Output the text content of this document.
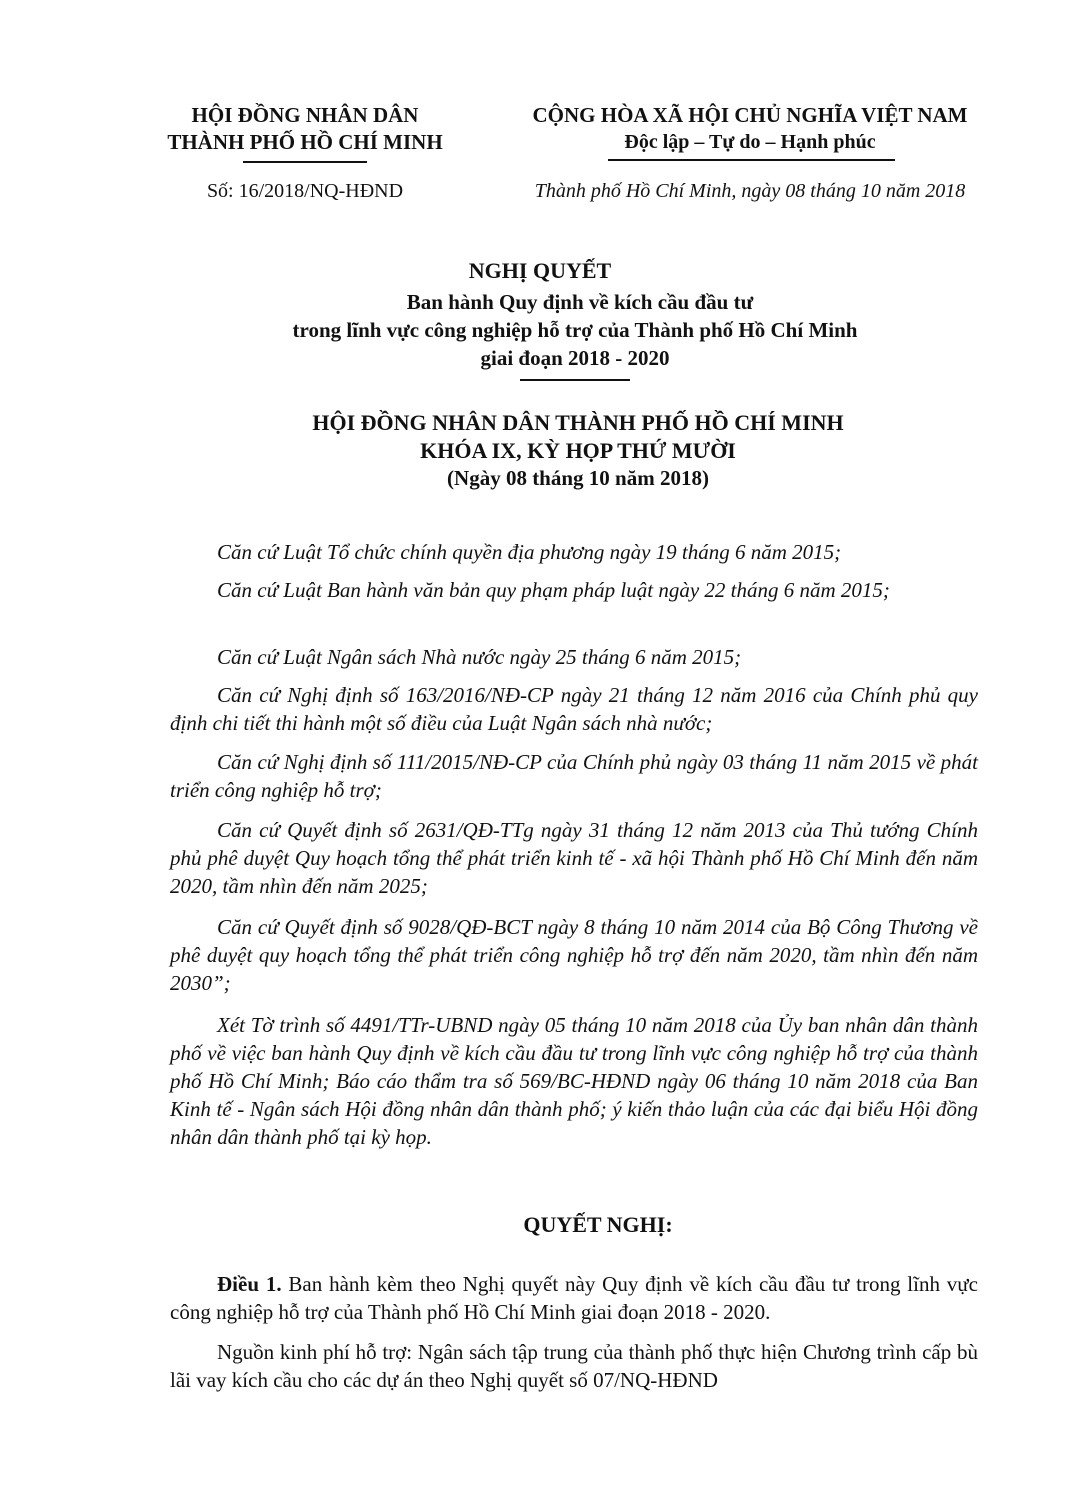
HỘI ĐỒNG NHÂN DÂN
THÀNH PHỐ HỒ CHÍ MINH
Số: 16/2018/NQ-HĐND
CỘNG HÒA XÃ HỘI CHỦ NGHĨA VIỆT NAM
Độc lập – Tự do – Hạnh phúc
Thành phố Hồ Chí Minh, ngày 08 tháng 10 năm 2018
NGHỊ QUYẾT
Ban hành Quy định về kích cầu đầu tư
trong lĩnh vực công nghiệp hỗ trợ của Thành phố Hồ Chí Minh
giai đoạn 2018 - 2020
HỘI ĐỒNG NHÂN DÂN THÀNH PHỐ HỒ CHÍ MINH
KHÓA IX, KỲ HỌP THỨ MƯỜI
(Ngày 08 tháng 10 năm 2018)
Căn cứ Luật Tổ chức chính quyền địa phương ngày 19 tháng 6 năm 2015;
Căn cứ Luật Ban hành văn bản quy phạm pháp luật ngày 22 tháng 6 năm 2015;
Căn cứ Luật Ngân sách Nhà nước ngày 25 tháng 6 năm 2015;
Căn cứ Nghị định số 163/2016/NĐ-CP ngày 21 tháng 12 năm 2016 của Chính phủ quy định chi tiết thi hành một số điều của Luật Ngân sách nhà nước;
Căn cứ Nghị định số 111/2015/NĐ-CP của Chính phủ ngày 03 tháng 11 năm 2015 về phát triển công nghiệp hỗ trợ;
Căn cứ Quyết định số 2631/QĐ-TTg ngày 31 tháng 12 năm 2013 của Thủ tướng Chính phủ phê duyệt Quy hoạch tổng thể phát triển kinh tế - xã hội Thành phố Hồ Chí Minh đến năm 2020, tầm nhìn đến năm 2025;
Căn cứ Quyết định số 9028/QĐ-BCT ngày 8 tháng 10 năm 2014 của Bộ Công Thương về phê duyệt quy hoạch tổng thể phát triển công nghiệp hỗ trợ đến năm 2020, tầm nhìn đến năm 2030”;
Xét Tờ trình số 4491/TTr-UBND ngày 05 tháng 10 năm 2018 của Ủy ban nhân dân thành phố về việc ban hành Quy định về kích cầu đầu tư trong lĩnh vực công nghiệp hỗ trợ của thành phố Hồ Chí Minh; Báo cáo thẩm tra số 569/BC-HĐND ngày 06 tháng 10 năm 2018 của Ban Kinh tế - Ngân sách Hội đồng nhân dân thành phố; ý kiến thảo luận của các đại biểu Hội đồng nhân dân thành phố tại kỳ họp.
QUYẾT NGHỊ:
Điều 1. Ban hành kèm theo Nghị quyết này Quy định về kích cầu đầu tư trong lĩnh vực công nghiệp hỗ trợ của Thành phố Hồ Chí Minh giai đoạn 2018 - 2020.
Nguồn kinh phí hỗ trợ: Ngân sách tập trung của thành phố thực hiện Chương trình cấp bù lãi vay kích cầu cho các dự án theo Nghị quyết số 07/NQ-HĐND
